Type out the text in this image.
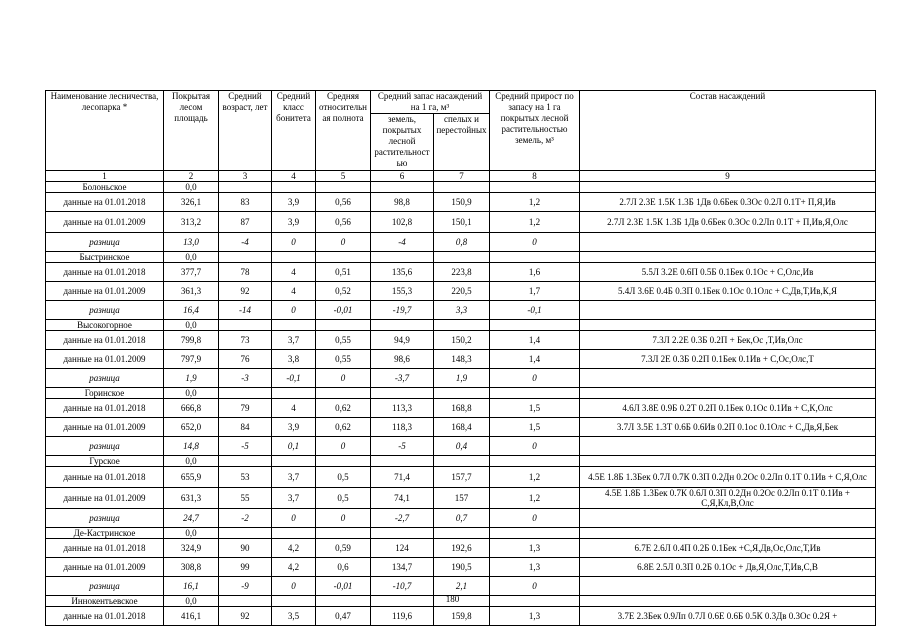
Наименование лесничества, лесопарка *	Покрытая лесом площадь	Средний возраст, лет	Средний класс бонитета	Средняя относительная полнота	Средний запас насаждений на 1 га, м³		Средний прирост по запасу на 1 га покрытых лесной растительностью земель, м³	Состав насаждений
					земель, покрытых лесной растительностью	спелых и перестойных		
1	2	3	4	5	6	7	8	9
Болоньское	0,0							
данные на 01.01.2018	326,1	83	3,9	0,56	98,8	150,9	1,2	2.7Л 2.3Е 1.5К 1.3Б 1Дв 0.6Бек 0.3Ос 0.2Л 0.1Т+ П,Я,Ив
данные на 01.01.2009	313,2	87	3,9	0,56	102,8	150,1	1,2	2.7Л 2.3Е 1.5К 1.3Б 1Дв 0.6Бек 0.3Ос 0.2Лп 0.1Т + П,Ив,Я,Олс
разница	13,0	-4	0	0	-4	0,8	0	
Быстринское	0,0							
данные на 01.01.2018	377,7	78	4	0,51	135,6	223,8	1,6	5.5Л 3.2Е 0.6П 0.5Б 0.1Бек 0.1Ос + С,Олс,Ив
данные на 01.01.2009	361,3	92	4	0,52	155,3	220,5	1,7	5.4Л 3.6Е 0.4Б 0.3П 0.1Бек 0.1Ос 0.1Олс + С,Дв,Т,Ив,К,Я
разница	16,4	-14	0	-0,01	-19,7	3,3	-0,1	
Высокогорное	0,0							
данные на 01.01.2018	799,8	73	3,7	0,55	94,9	150,2	1,4	7.3Л 2.2Е 0.3Б 0.2П + Бек,Ос ,Т,Ив,Олс
данные на 01.01.2009	797,9	76	3,8	0,55	98,6	148,3	1,4	7.3Л 2Е 0.3Б 0.2П 0.1Бек 0.1Ив + С,Ос,Олс,Т
разница	1,9	-3	-0,1	0	-3,7	1,9	0	
Горинское	0,0							
данные на 01.01.2018	666,8	79	4	0,62	113,3	168,8	1,5	4.6Л 3.8Е 0.9Б 0.2Т 0.2П 0.1Бек 0.1Ос 0.1Ив + С,К,Олс
данные на 01.01.2009	652,0	84	3,9	0,62	118,3	168,4	1,5	3.7Л 3.5Е 1.3Т 0.6Б 0.6Ив 0.2П 0.1ос 0.1Олс + С,Дв,Я,Бек
разница	14,8	-5	0,1	0	-5	0,4	0	
Гурское	0,0							
данные на 01.01.2018	655,9	53	3,7	0,5	71,4	157,7	1,2	4.5Е 1.8Б 1.3Бек 0.7Л 0.7К 0.3П 0.2Дн 0.2Ос 0.2Лп 0.1Т 0.1Ив + С,Я,Олс
данные на 01.01.2009	631,3	55	3,7	0,5	74,1	157	1,2	4.5Е 1.8Б 1.3Бек 0.7К 0.6Л 0.3П 0.2Дн 0.2Ос 0.2Лп 0.1Т 0.1Ив + С,Я,Кл,В,Олс
разница	24,7	-2	0	0	-2,7	0,7	0	
Де-Кастринское	0,0							
данные на 01.01.2018	324,9	90	4,2	0,59	124	192,6	1,3	6.7Е 2.6Л 0.4П 0.2Б 0.1Бек +С,Я,Дв,Ос,Олс,Т,Ив
данные на 01.01.2009	308,8	99	4,2	0,6	134,7	190,5	1,3	6.8Е 2.5Л 0.3П 0.2Б 0.1Ос + Дв,Я,Олс,Т,Ив,С,В
разница	16,1	-9	0	-0,01	-10,7	2,1	0	
Иннокентьевское	0,0							
данные на 01.01.2018	416,1	92	3,5	0,47	119,6	159,8	1,3	3.7Е 2.3Бек 0.9Лп 0.7Л 0.6Е 0.6Б 0.5К 0.3Дв 0.3Ос 0.2Я +
180
